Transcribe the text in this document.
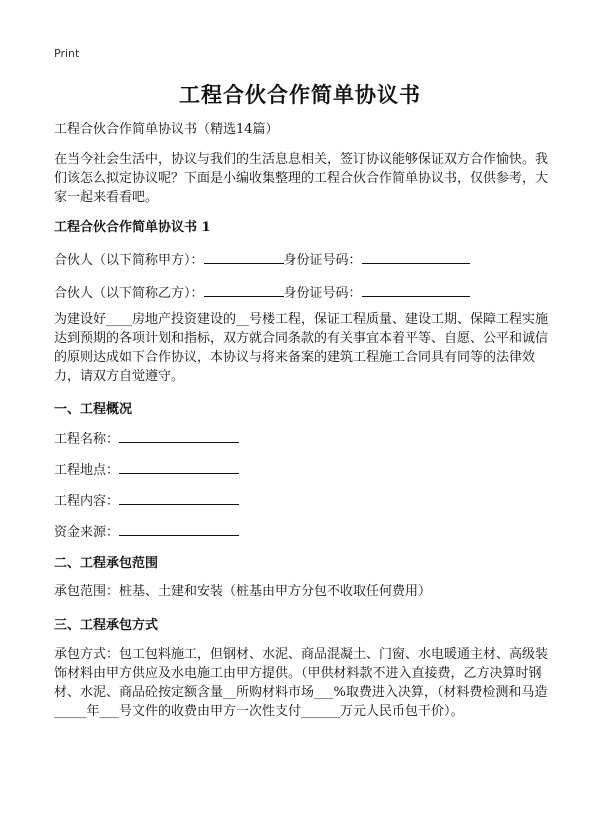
Print
工程合伙合作简单协议书

工程合伙合作简单协议书（精选14篇）

在当今社会生活中，协议与我们的生活息息相关，签订协议能够保证双方合作愉快。我们该怎么拟定协议呢？下面是小编收集整理的工程合伙合作简单协议书，仅供参考，大家一起来看看吧。

工程合伙合作简单协议书 1
合伙人（以下简称甲方）：	身份证号码：
合伙人（以下简称乙方）：	身份证号码：

为建设好____房地产投资建设的__号楼工程，保证工程质量、建设工期、保障工程实施达到预期的各项计划和指标，双方就合同条款的有关事宜本着平等、自愿、公平和诚信的原则达成如下合作协议，本协议与将来备案的建筑工程施工合同具有同等的法律效力，请双方自觉遵守。

一、工程概况
工程名称：
工程地点：
工程内容：
资金来源：
二、工程承包范围

承包范围：桩基、土建和安装（桩基由甲方分包不收取任何费用）

三、工程承包方式

承包方式：包工包料施工，但钢材、水泥、商品混凝土、门窗、水电暖通主材、高级装饰材料由甲方供应及水电施工由甲方提供。（甲供材料款不进入直接费，乙方决算时钢材、水泥、商品砼按定额含量__所购材料市场___%取费进入决算，（材料费检测和马造_____年___号文件的收费由甲方一次性支付______万元人民币包干价）。
